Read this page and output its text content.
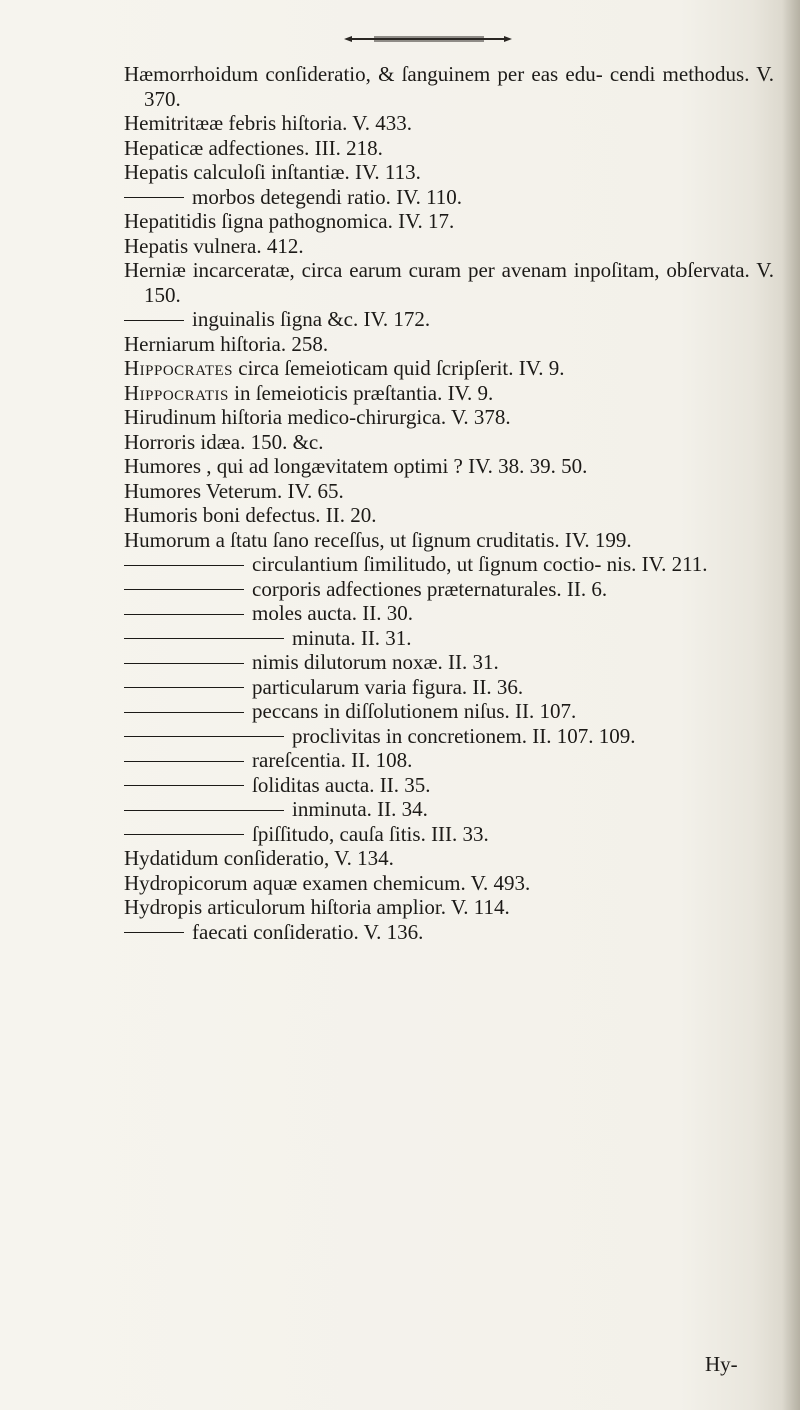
Hæmorrhoidum conſideratio, & ſanguinem per eas edu- cendi methodus. V. 370.

Hemitritææ febris hiſtoria. V. 433.

Hepaticæ adfectiones. III. 218.

Hepatis calculoſi inſtantiæ. IV. 113.

morbos detegendi ratio. IV. 110.

Hepatitidis ſigna pathognomica. IV. 17.

Hepatis vulnera. 412.

Herniæ incarceratæ, circa earum curam per avenam inpoſitam, obſervata. V. 150.

inguinalis ſigna &c. IV. 172.

Herniarum hiſtoria. 258.

Hippocrates circa ſemeioticam quid ſcripſerit. IV. 9.

Hippocratis in ſemeioticis præſtantia. IV. 9.

Hirudinum hiſtoria medico-chirurgica. V. 378.

Horroris idæa. 150. &c.

Humores , qui ad longævitatem optimi ? IV. 38. 39. 50.

Humores Veterum. IV. 65.

Humoris boni defectus. II. 20.

Humorum a ſtatu ſano receſſus, ut ſignum cruditatis. IV. 199.

circulantium ſimilitudo, ut ſignum coctio- nis. IV. 211.

corporis adfectiones præternaturales. II. 6.

moles aucta. II. 30.

minuta. II. 31.

nimis dilutorum noxæ. II. 31.

particularum varia figura. II. 36.

peccans in diſſolutionem niſus. II. 107.

proclivitas in concretionem. II. 107. 109.

rareſcentia. II. 108.

ſoliditas aucta. II. 35.

inminuta. II. 34.

ſpiſſitudo, cauſa ſitis. III. 33.

Hydatidum conſideratio, V. 134.

Hydropicorum aquæ examen chemicum. V. 493.

Hydropis articulorum hiſtoria amplior. V. 114.

faecati conſideratio. V. 136.

Hy-
